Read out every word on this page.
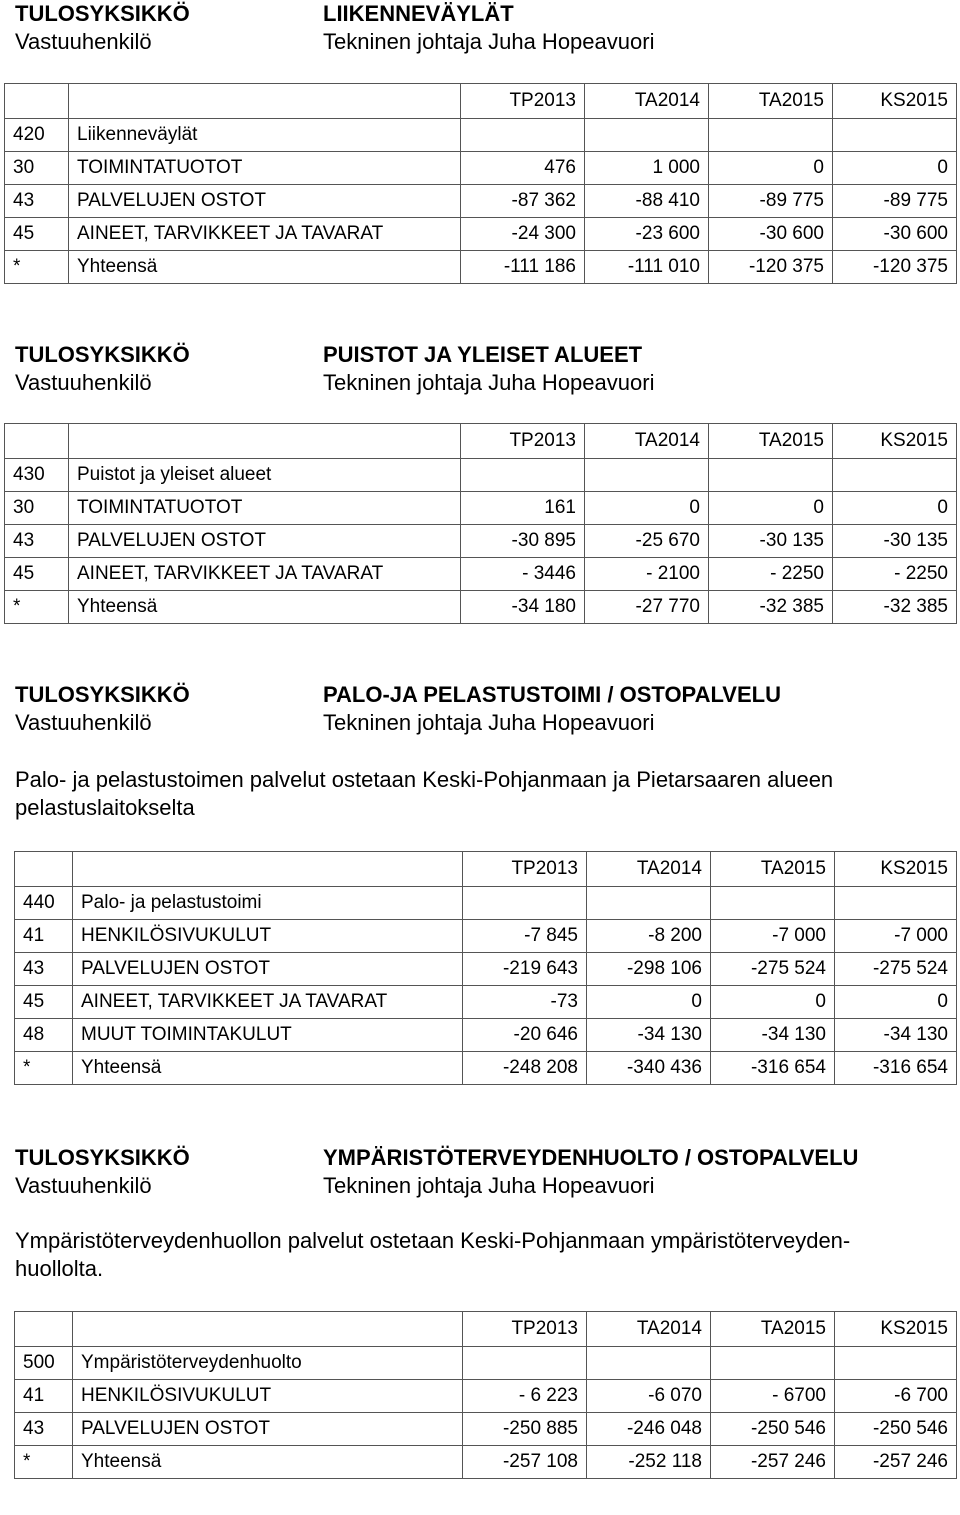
TULOSYKSIKKÖ	LIIKENNEVÄYLÄT
Vastuuhenkilö	Tekninen johtaja Juha Hopeavuori
		TP2013	TA2014	TA2015	KS2015
420	Liikenneväylät				
30	TOIMINTATUOTOT	476	1 000	0	0
43	PALVELUJEN OSTOT	-87 362	-88 410	-89 775	-89 775
45	AINEET, TARVIKKEET JA TAVARAT	-24 300	-23 600	-30 600	-30 600
*	Yhteensä	-111 186	-111 010	-120 375	-120 375
TULOSYKSIKKÖ	PUISTOT JA YLEISET ALUEET
Vastuuhenkilö	Tekninen johtaja Juha Hopeavuori
		TP2013	TA2014	TA2015	KS2015
430	Puistot ja yleiset alueet				
30	TOIMINTATUOTOT	161	0	0	0
43	PALVELUJEN OSTOT	-30 895	-25 670	-30 135	-30 135
45	AINEET, TARVIKKEET JA TAVARAT	- 3446	- 2100	- 2250	- 2250
*	Yhteensä	-34 180	-27 770	-32 385	-32 385
TULOSYKSIKKÖ	PALO-JA PELASTUSTOIMI / OSTOPALVELU
Vastuuhenkilö	Tekninen johtaja Juha Hopeavuori
Palo- ja pelastustoimen palvelut ostetaan Keski-Pohjanmaan ja Pietarsaaren alueen pelastuslaitokselta
		TP2013	TA2014	TA2015	KS2015
440	Palo- ja pelastustoimi				
41	HENKILÖSIVUKULUT	-7 845	-8 200	-7 000	-7 000
43	PALVELUJEN OSTOT	-219 643	-298 106	-275 524	-275 524
45	AINEET, TARVIKKEET JA TAVARAT	-73	0	0	0
48	MUUT TOIMINTAKULUT	-20 646	-34 130	-34 130	-34 130
*	Yhteensä	-248 208	-340 436	-316 654	-316 654
TULOSYKSIKKÖ	YMPÄRISTÖTERVEYDENHUOLTO / OSTOPALVELU
Vastuuhenkilö	Tekninen johtaja Juha Hopeavuori
Ympäristöterveydenhuollon palvelut ostetaan Keski-Pohjanmaan ympäristöterveyden-huollolta.
		TP2013	TA2014	TA2015	KS2015
500	Ympäristöterveydenhuolto				
41	HENKILÖSIVUKULUT	- 6 223	-6 070	- 6700	-6 700
43	PALVELUJEN OSTOT	-250 885	-246 048	-250 546	-250 546
*	Yhteensä	-257 108	-252 118	-257 246	-257 246
